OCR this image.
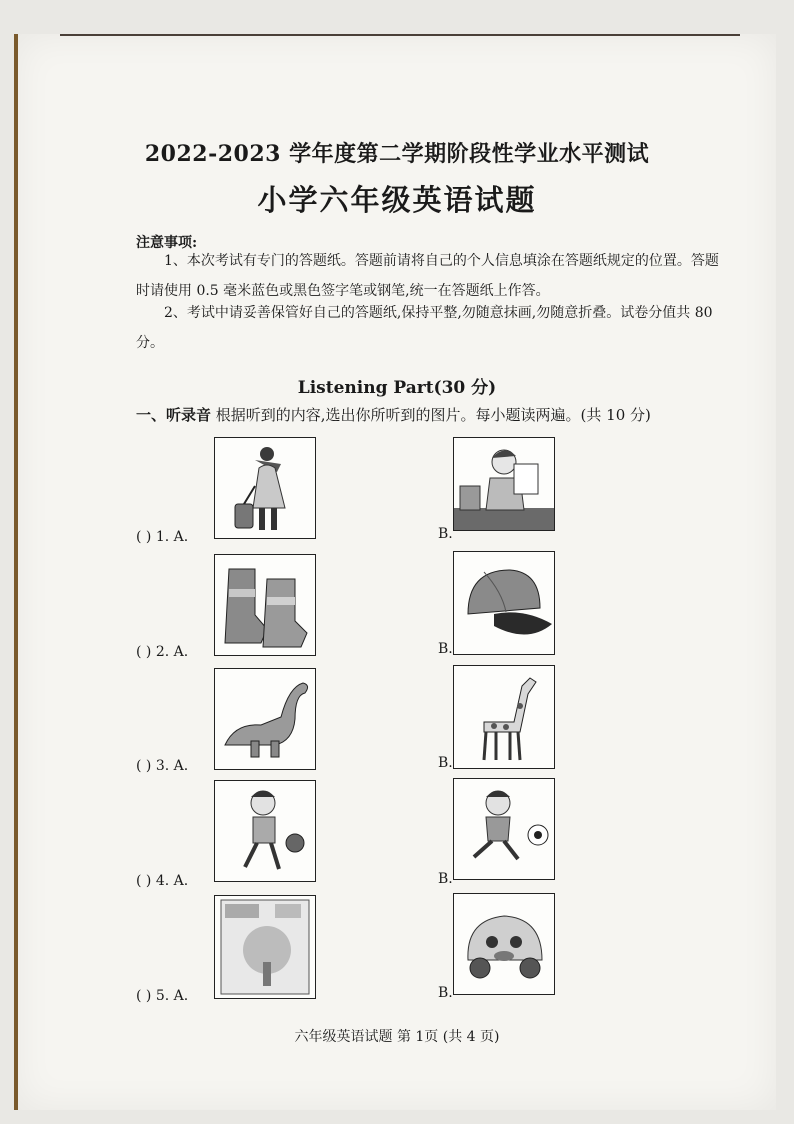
2022-2023 学年度第二学期阶段性学业水平测试
小学六年级英语试题
注意事项:
1、本次考试有专门的答题纸。答题前请将自己的个人信息填涂在答题纸规定的位置。答题时请使用 0.5 毫米蓝色或黑色签字笔或钢笔,统一在答题纸上作答。
2、考试中请妥善保管好自己的答题纸,保持平整,勿随意抹画,勿随意折叠。试卷分值共 80 分。
Listening Part(30 分)
一、听录音 根据听到的内容,选出你所听到的图片。每小题读两遍。(共 10 分)
( ) 1. A.	B.
( ) 2. A.	B.
( ) 3. A.	B.
( ) 4. A.	B.
( ) 5. A.	B.
六年级英语试题 第 1页 (共 4 页)
